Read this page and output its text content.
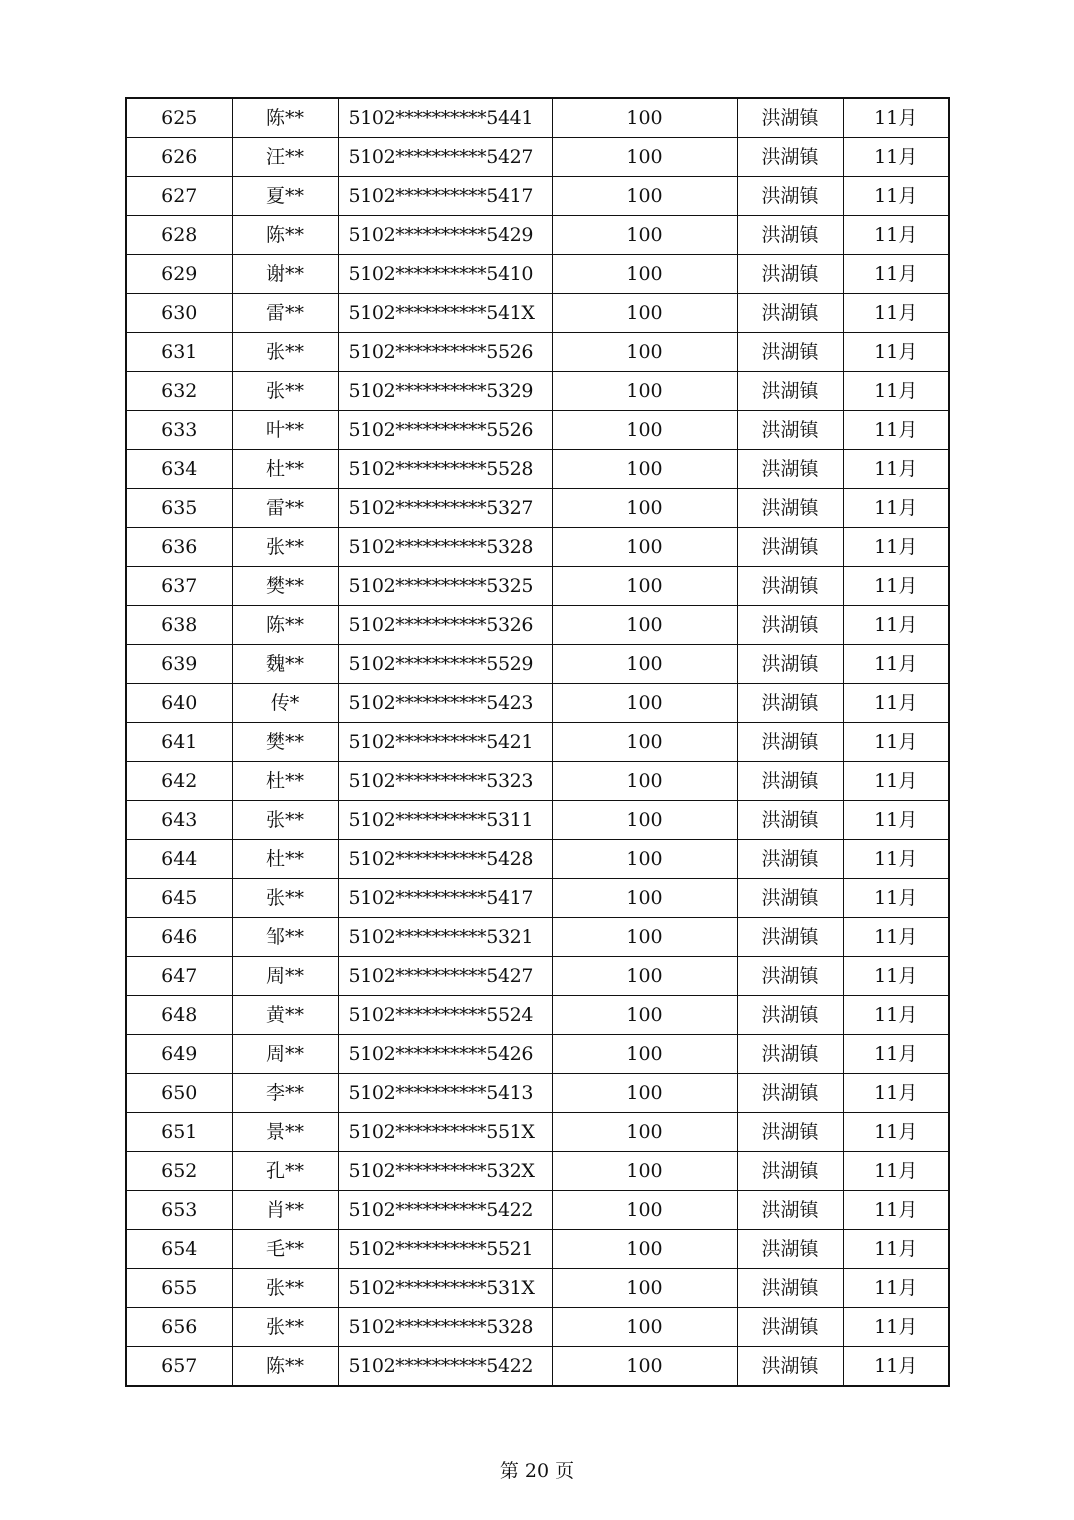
625	陈**	5102**********5441	100	洪湖镇	11月
626	汪**	5102**********5427	100	洪湖镇	11月
627	夏**	5102**********5417	100	洪湖镇	11月
628	陈**	5102**********5429	100	洪湖镇	11月
629	谢**	5102**********5410	100	洪湖镇	11月
630	雷**	5102**********541X	100	洪湖镇	11月
631	张**	5102**********5526	100	洪湖镇	11月
632	张**	5102**********5329	100	洪湖镇	11月
633	叶**	5102**********5526	100	洪湖镇	11月
634	杜**	5102**********5528	100	洪湖镇	11月
635	雷**	5102**********5327	100	洪湖镇	11月
636	张**	5102**********5328	100	洪湖镇	11月
637	樊**	5102**********5325	100	洪湖镇	11月
638	陈**	5102**********5326	100	洪湖镇	11月
639	魏**	5102**********5529	100	洪湖镇	11月
640	传*	5102**********5423	100	洪湖镇	11月
641	樊**	5102**********5421	100	洪湖镇	11月
642	杜**	5102**********5323	100	洪湖镇	11月
643	张**	5102**********5311	100	洪湖镇	11月
644	杜**	5102**********5428	100	洪湖镇	11月
645	张**	5102**********5417	100	洪湖镇	11月
646	邹**	5102**********5321	100	洪湖镇	11月
647	周**	5102**********5427	100	洪湖镇	11月
648	黄**	5102**********5524	100	洪湖镇	11月
649	周**	5102**********5426	100	洪湖镇	11月
650	李**	5102**********5413	100	洪湖镇	11月
651	景**	5102**********551X	100	洪湖镇	11月
652	孔**	5102**********532X	100	洪湖镇	11月
653	肖**	5102**********5422	100	洪湖镇	11月
654	毛**	5102**********5521	100	洪湖镇	11月
655	张**	5102**********531X	100	洪湖镇	11月
656	张**	5102**********5328	100	洪湖镇	11月
657	陈**	5102**********5422	100	洪湖镇	11月
第 20 页
